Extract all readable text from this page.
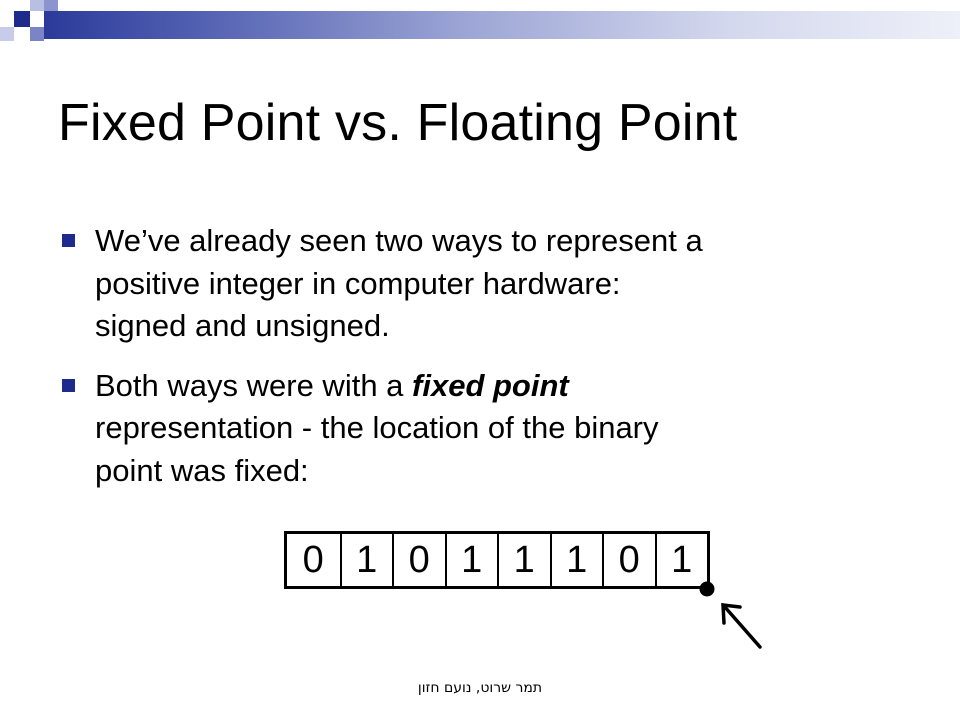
Fixed Point vs. Floating Point
We’ve already seen two ways to represent a
positive integer in computer hardware:
signed and unsigned.
Both ways were with a fixed point
representation - the location of the binary
point was fixed:
0 1 0 1 1 1 0 1
תמר שרוט, נועם חזון
